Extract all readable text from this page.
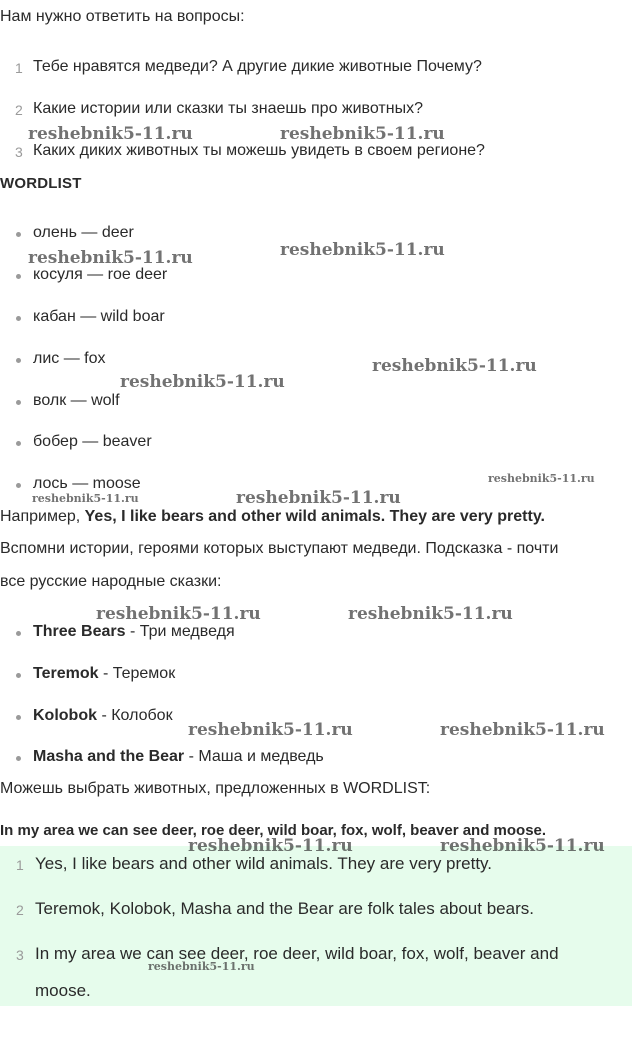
Нам нужно ответить на вопросы:
1 Тебе нравятся медведи? А другие дикие животные Почему?
2 Какие истории или сказки ты знаешь про животных?
3 Каких диких животных ты можешь увидеть в своем регионе?
WORDLIST
олень — deer
косуля — roe deer
кабан — wild boar
лис — fox
волк — wolf
бобер — beaver
лось — moose
Например, Yes, I like bears and other wild animals. They are very pretty.
Вспомни истории, героями которых выступают медведи. Подсказка - почти
все русские народные сказки:
Three Bears - Три медведя
Teremok - Теремок
Kolobok - Колобок
Masha and the Bear - Маша и медведь
Можешь выбрать животных, предложенных в WORDLIST:
In my area we can see deer, roe deer, wild boar, fox, wolf, beaver and moose.
1 Yes, I like bears and other wild animals. They are very pretty.
2 Teremok, Kolobok, Masha and the Bear are folk tales about bears.
3 In my area we can see deer, roe deer, wild boar, fox, wolf, beaver and
moose.
reshebnik5-11.ru	reshebnik5-11.ru
reshebnik5-11.ru
reshebnik5-11.ru
reshebnik5-11.ru
reshebnik5-11.ru
reshebnik5-11.ru
reshebnik5-11.ru	reshebnik5-11.ru
reshebnik5-11.ru	reshebnik5-11.ru
reshebnik5-11.ru	reshebnik5-11.ru
reshebnik5-11.ru	reshebnik5-11.ru
reshebnik5-11.ru
